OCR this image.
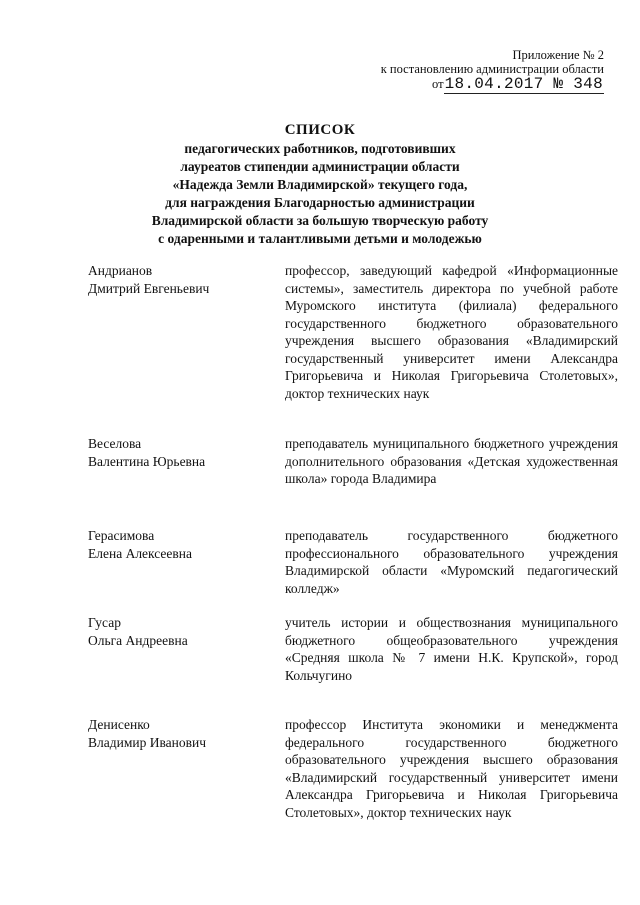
Приложение № 2
к постановлению администрации области
от18.04.2017 № 348
СПИСОК
педагогических работников, подготовивших
лауреатов стипендии администрации области
«Надежда Земли Владимирской» текущего года,
для награждения Благодарностью администрации
Владимирской области за большую творческую работу
с одаренными и талантливыми детьми и молодежью
Андрианов
Дмитрий Евгеньевич
профессор, заведующий кафедрой «Информационные системы», заместитель директора по учебной работе Муромского института (филиала) федерального государственного бюджетного образовательного учреждения высшего образования «Владимирский государственный университет имени Александра Григорьевича и Николая Григорьевича Столетовых», доктор технических наук
Веселова
Валентина Юрьевна
преподаватель муниципального бюджетного учреждения дополнительного образования «Детская художественная школа» города Владимира
Герасимова
Елена Алексеевна
преподаватель государственного бюджетного профессионального образовательного учреждения Владимирской области «Муромский педагогический колледж»
Гусар
Ольга Андреевна
учитель истории и обществознания муниципального бюджетного общеобразовательного учреждения «Средняя школа № 7 имени Н.К. Крупской», город Кольчугино
Денисенко
Владимир Иванович
профессор Института экономики и менеджмента федерального государственного бюджетного образовательного учреждения высшего образования «Владимирский государственный университет имени Александра Григорьевича и Николая Григорьевича Столетовых», доктор технических наук
